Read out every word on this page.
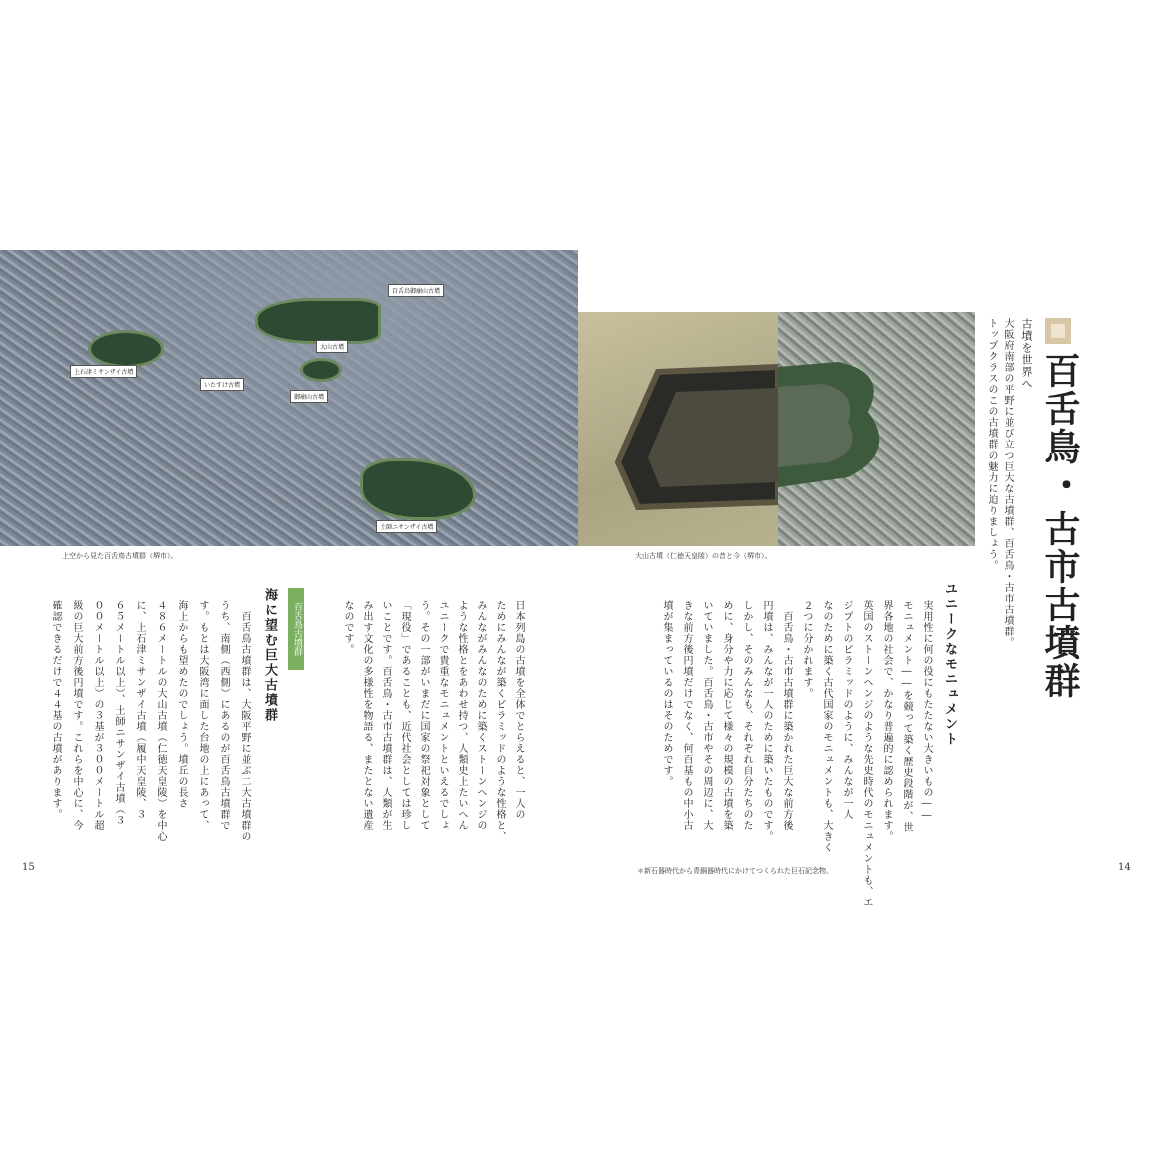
百舌鳥御廟山古墳
大山古墳
上石津ミサンザイ古墳
いたすけ古墳
御廟山古墳
土師ニサンザイ古墳
上空から見た百舌鳥古墳群（堺市）。	大山古墳（仁徳天皇陵）の昔と今（堺市）。
古墳を世界へ 百舌鳥
・
古市古墳群
大阪府南部の平野に並び立つ巨大な古墳群、百舌鳥・古市古墳群。
トップクラスのこの古墳群の魅力に迫りましょう。
ユニークなモニュメント
実用性に何の役にもたたない大きいもの――
モニュメント――を競って築く歴史段階が、世
界各地の社会で、かなり普遍的に認められます。
英国のストーンヘンジのような先史時代のモニュメントも、エ
ジプトのピラミッドのように、みんなが一人
なのために築く古代国家のモニュメントも、大きく
２つに分かれます。
　百舌鳥・古市古墳群に築かれた巨大な前方後
円墳は、みんなが一人のために築いたものです。
しかし、そのみんなも、それぞれ自分たちのた
めに、身分や力に応じて様々の規模の古墳を築
いていました。百舌鳥・古市やその周辺に、大
きな前方後円墳だけでなく、何百基もの中小古
墳が集まっているのはそのためです。
＊新石器時代から青銅器時代にかけてつくられた巨石記念物。	14
日本列島の古墳を全体でとらえると、一人の
ためにみんなが築くピラミッドのような性格と、
みんながみんなのために築くストーンヘンジの
ような性格とをあわせ持つ、人類史上たいへん
ユニークで貴重なモニュメントといえるでしょ
う。その一部がいまだに国家の祭祀対象として
「現役」であることも、近代社会としては珍し
いことです。百舌鳥・古市古墳群は、人類が生
み出す文化の多様性を物語る、またとない遺産
なのです。
百舌鳥古墳群
海に望む巨大古墳群
　百舌鳥古墳群は、大阪平野に並ぶ二大古墳群の
うち、南側（西側）にあるのが百舌鳥古墳群で
す。もとは大阪湾に面した台地の上にあって、
海上からも望めたのでしょう。墳丘の長さ
４８６メートルの大山古墳（仁徳天皇陵）を中心
に、上石津ミサンザイ古墳（履中天皇陵、３
６５メートル以上）、土師ニサンザイ古墳（３
００メートル以上）の３基が３００メートル超
級の巨大前方後円墳です。これらを中心に、今
確認できるだけで４４基の古墳があります。
15
